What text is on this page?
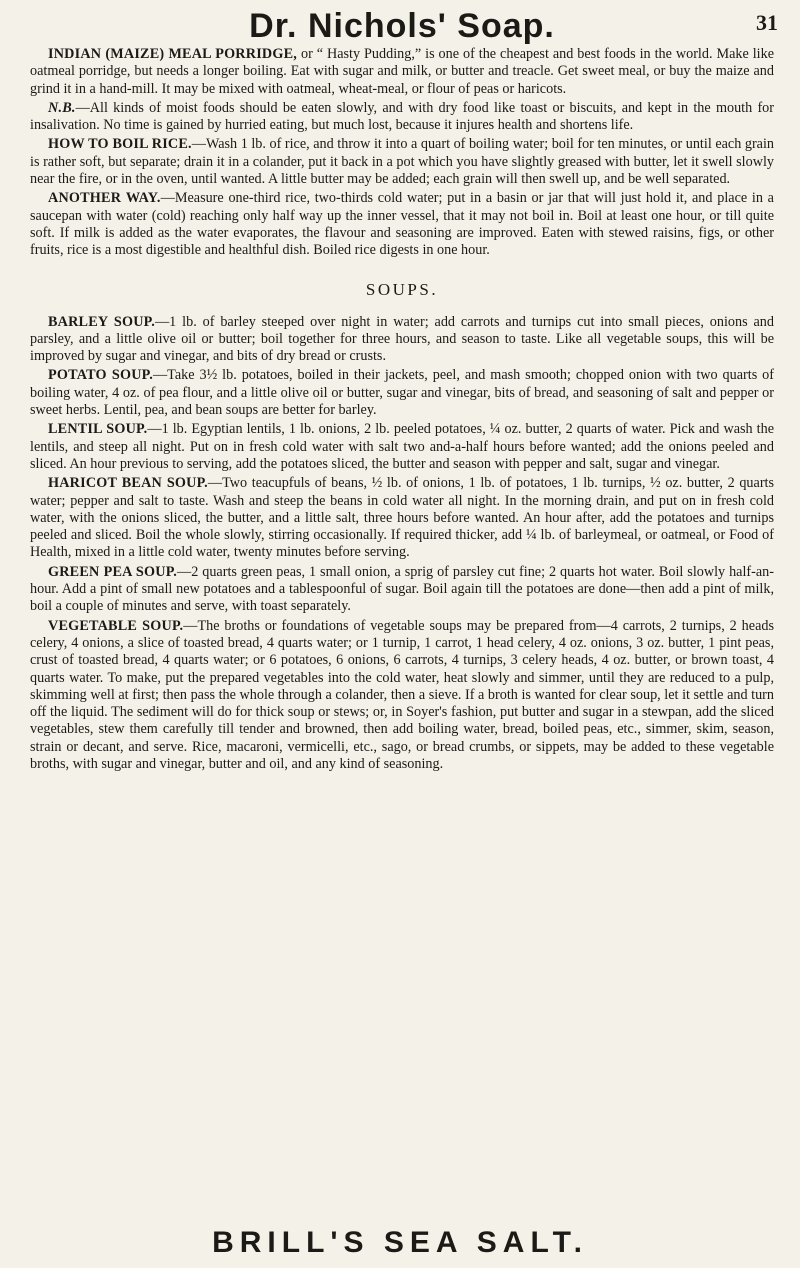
Dr. Nichols' Soap.	31

INDIAN (MAIZE) MEAL PORRIDGE, or “ Hasty Pudding,” is one of the cheapest and best foods in the world. Make like oatmeal porridge, but needs a longer boiling. Eat with sugar and milk, or butter and treacle. Get sweet meal, or buy the maize and grind it in a hand-mill. It may be mixed with oatmeal, wheat-meal, or flour of peas or haricots.

N.B.—All kinds of moist foods should be eaten slowly, and with dry food like toast or biscuits, and kept in the mouth for insalivation. No time is gained by hurried eating, but much lost, because it injures health and shortens life.

HOW TO BOIL RICE.—Wash 1 lb. of rice, and throw it into a quart of boiling water; boil for ten minutes, or until each grain is rather soft, but separate; drain it in a colander, put it back in a pot which you have slightly greased with butter, let it swell slowly near the fire, or in the oven, until wanted. A little butter may be added; each grain will then swell up, and be well separated.

ANOTHER WAY.—Measure one-third rice, two-thirds cold water; put in a basin or jar that will just hold it, and place in a saucepan with water (cold) reaching only half way up the inner vessel, that it may not boil in. Boil at least one hour, or till quite soft. If milk is added as the water evaporates, the flavour and seasoning are improved. Eaten with stewed raisins, figs, or other fruits, rice is a most digestible and healthful dish. Boiled rice digests in one hour.

SOUPS.

BARLEY SOUP.—1 lb. of barley steeped over night in water; add carrots and turnips cut into small pieces, onions and parsley, and a little olive oil or butter; boil together for three hours, and season to taste. Like all vegetable soups, this will be improved by sugar and vinegar, and bits of dry bread or crusts.

POTATO SOUP.—Take 3½ lb. potatoes, boiled in their jackets, peel, and mash smooth; chopped onion with two quarts of boiling water, 4 oz. of pea flour, and a little olive oil or butter, sugar and vinegar, bits of bread, and seasoning of salt and pepper or sweet herbs. Lentil, pea, and bean soups are better for barley.

LENTIL SOUP.—1 lb. Egyptian lentils, 1 lb. onions, 2 lb. peeled potatoes, ¼ oz. butter, 2 quarts of water. Pick and wash the lentils, and steep all night. Put on in fresh cold water with salt two and-a-half hours before wanted; add the onions peeled and sliced. An hour previous to serving, add the potatoes sliced, the butter and season with pepper and salt, sugar and vinegar.

HARICOT BEAN SOUP.—Two teacupfuls of beans, ½ lb. of onions, 1 lb. of potatoes, 1 lb. turnips, ½ oz. butter, 2 quarts water; pepper and salt to taste. Wash and steep the beans in cold water all night. In the morning drain, and put on in fresh cold water, with the onions sliced, the butter, and a little salt, three hours before wanted. An hour after, add the potatoes and turnips peeled and sliced. Boil the whole slowly, stirring occasionally. If required thicker, add ¼ lb. of barleymeal, or oatmeal, or Food of Health, mixed in a little cold water, twenty minutes before serving.

GREEN PEA SOUP.—2 quarts green peas, 1 small onion, a sprig of parsley cut fine; 2 quarts hot water. Boil slowly half-an-hour. Add a pint of small new potatoes and a tablespoonful of sugar. Boil again till the potatoes are done—then add a pint of milk, boil a couple of minutes and serve, with toast separately.

VEGETABLE SOUP.—The broths or foundations of vegetable soups may be prepared from—4 carrots, 2 turnips, 2 heads celery, 4 onions, a slice of toasted bread, 4 quarts water; or 1 turnip, 1 carrot, 1 head celery, 4 oz. onions, 3 oz. butter, 1 pint peas, crust of toasted bread, 4 quarts water; or 6 potatoes, 6 onions, 6 carrots, 4 turnips, 3 celery heads, 4 oz. butter, or brown toast, 4 quarts water. To make, put the prepared vegetables into the cold water, heat slowly and simmer, until they are reduced to a pulp, skimming well at first; then pass the whole through a colander, then a sieve. If a broth is wanted for clear soup, let it settle and turn off the liquid. The sediment will do for thick soup or stews; or, in Soyer's fashion, put butter and sugar in a stewpan, add the sliced vegetables, stew them carefully till tender and browned, then add boiling water, bread, boiled peas, etc., simmer, skim, season, strain or decant, and serve. Rice, macaroni, vermicelli, etc., sago, or bread crumbs, or sippets, may be added to these vegetable broths, with sugar and vinegar, butter and oil, and any kind of seasoning.

BRILL'S SEA SALT.
